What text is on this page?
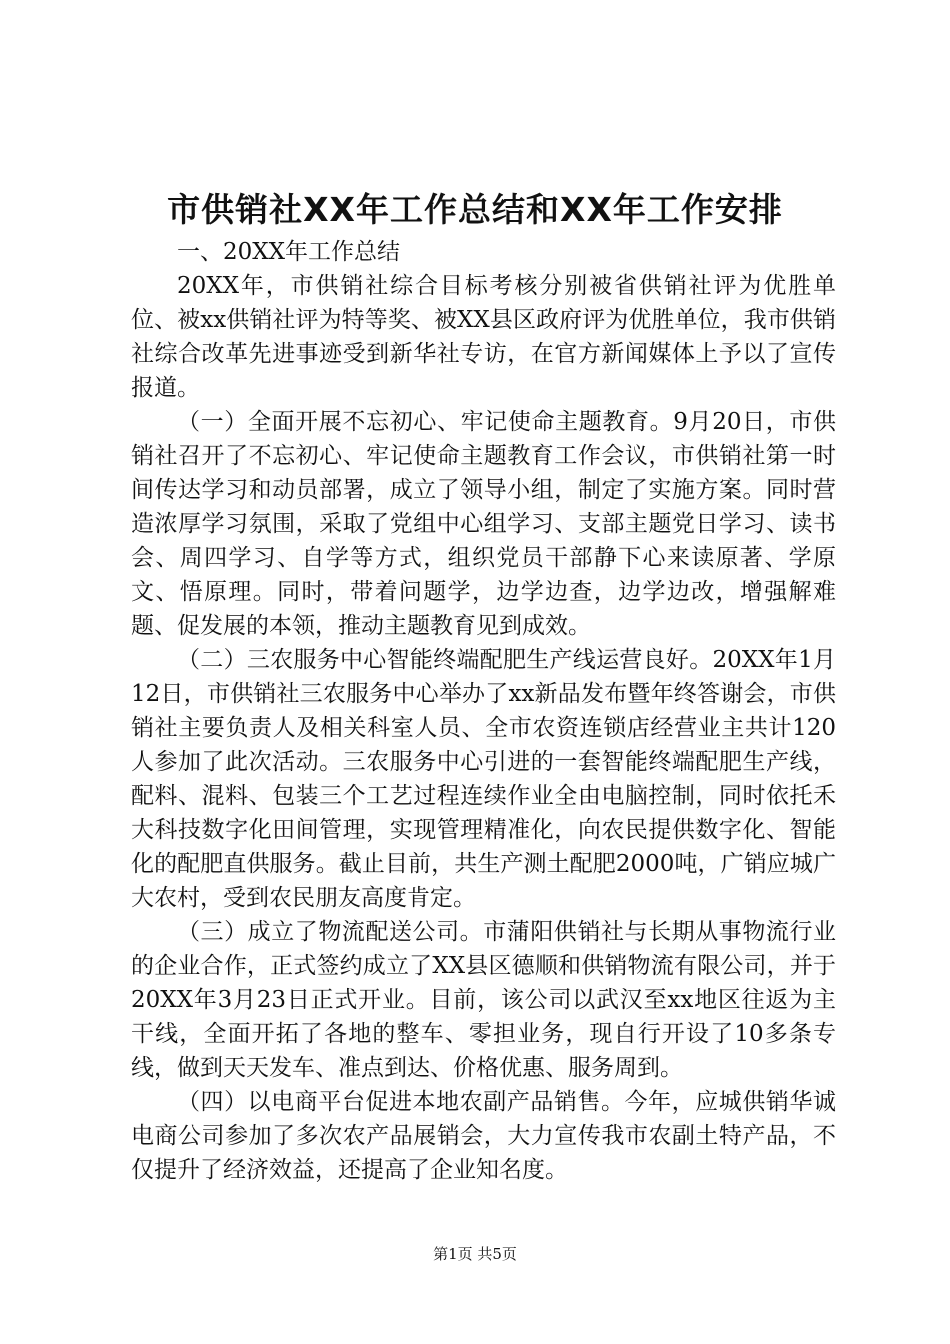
市供销社XX年工作总结和XX年工作安排

一、20XX年工作总结

20XX年，市供销社综合目标考核分别被省供销社评为优胜单位、被xx供销社评为特等奖、被XX县区政府评为优胜单位，我市供销社综合改革先进事迹受到新华社专访，在官方新闻媒体上予以了宣传报道。

（一）全面开展不忘初心、牢记使命主题教育。9月20日，市供销社召开了不忘初心、牢记使命主题教育工作会议，市供销社第一时间传达学习和动员部署，成立了领导小组，制定了实施方案。同时营造浓厚学习氛围，采取了党组中心组学习、支部主题党日学习、读书会、周四学习、自学等方式，组织党员干部静下心来读原著、学原文、悟原理。同时，带着问题学，边学边查，边学边改，增强解难题、促发展的本领，推动主题教育见到成效。

（二）三农服务中心智能终端配肥生产线运营良好。20XX年1月12日，市供销社三农服务中心举办了xx新品发布暨年终答谢会，市供销社主要负责人及相关科室人员、全市农资连锁店经营业主共计120人参加了此次活动。三农服务中心引进的一套智能终端配肥生产线，配料、混料、包装三个工艺过程连续作业全由电脑控制，同时依托禾大科技数字化田间管理，实现管理精准化，向农民提供数字化、智能化的配肥直供服务。截止目前，共生产测土配肥2000吨，广销应城广大农村，受到农民朋友高度肯定。

（三）成立了物流配送公司。市蒲阳供销社与长期从事物流行业的企业合作，正式签约成立了XX县区德顺和供销物流有限公司，并于20XX年3月23日正式开业。目前，该公司以武汉至xx地区往返为主干线，全面开拓了各地的整车、零担业务，现自行开设了10多条专线，做到天天发车、准点到达、价格优惠、服务周到。

（四）以电商平台促进本地农副产品销售。今年，应城供销华诚电商公司参加了多次农产品展销会，大力宣传我市农副土特产品，不仅提升了经济效益，还提高了企业知名度。

第1页 共5页
